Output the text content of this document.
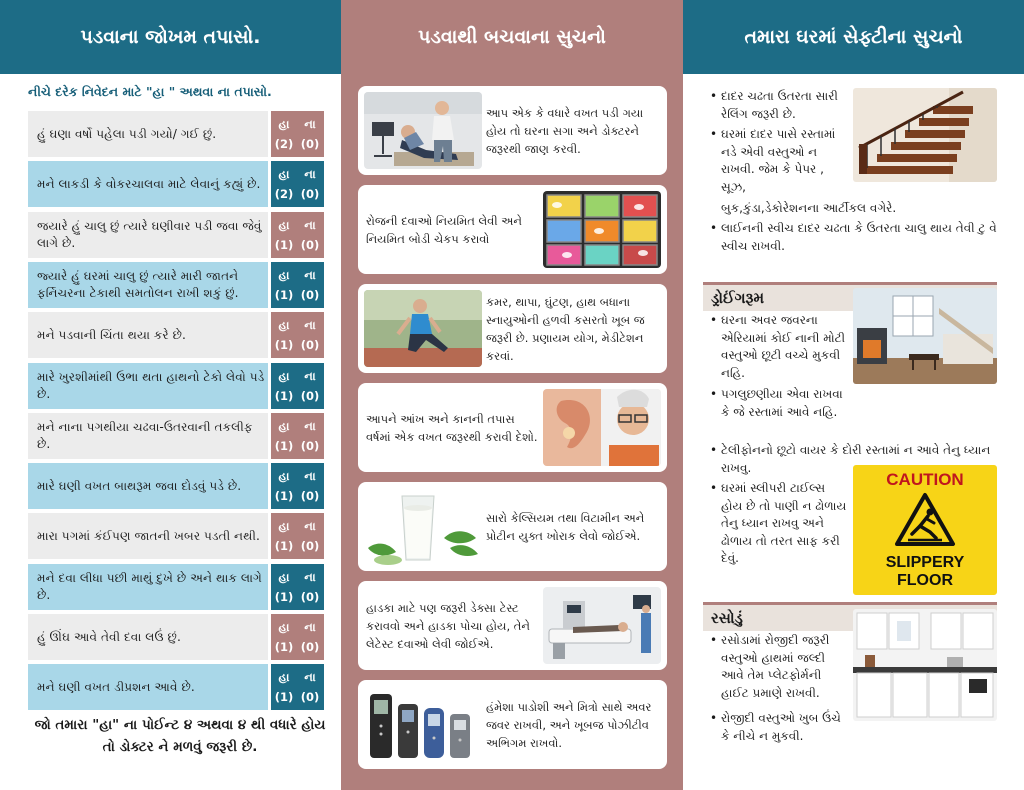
પડવાના જોખમ તપાસો.
નીચે દરેક નિવેદન માટે "હા " અથવા ના તપાસો.
હું ઘણા વર્ષો પહેલા પડી ગયો/ ગઈ છું.
હા	ના
(2) (0)
મને લાકડી કે વોકરચાલવા માટે લેવાનું કહ્યું છે.
હા	ના
(2) (0)
જયારે હું ચાલુ છું ત્યારે ઘણીવાર પડી જવા જેવું લાગે છે.
હા	ના
(1) (0)
જ્યારે હું ઘરમાં ચાલુ છું ત્યારે મારી જાતને ફર્નિચરના ટેકાથી સમતોલન રાખી શકું છું.
હા	ના
(1) (0)
મને પડવાની ચિંતા થયા કરે છે.
હા	ના
(1) (0)
મારે ખુરશીમાંથી ઉભા થતા હાથનો ટેકો લેવો પડે છે.
હા	ના
(1) (0)
મને નાના પગથીયા ચઢવા-ઉતરવાની તકલીફ છે.
હા	ના
(1) (0)
મારે ઘણી વખત બાથરૂમ જવા દોડવું પડે છે.
હા	ના
(1) (0)
મારા પગમાં કંઈપણ જાતની ખબર પડતી નથી.
હા	ના
(1) (0)
મને દવા લીધા પછી માથું દુખે છે અને થાક લાગે છે.
હા	ના
(1) (0)
હું ઊંઘ આવે તેવી દવા લઉં છું.
હા	ના
(1) (0)
મને ઘણી વખત ડીપ્રશન આવે છે.
હા	ના
(1) (0)
જો તમારા "હા" ના પોઈન્ટ ૪ અથવા ૪ થી વધારે હોય તો ડોક્ટર ને મળવું જરૂરી છે.
પડવાથી બચવાના સુચનો
આપ એક કે વધારે વખત પડી ગયા હોય તો ઘરના સગા અને ડોક્ટરને જરૂરથી જાણ કરવી.
રોજની દવાઓ નિયમિત લેવી અને નિયમિત બોડી ચેકપ કરાવો
કમર, થાપા, ઘુંટણ, હાથ બધાના સ્નાયુઓની હળવી કસરતો ખૂબ જ જરૂરી છે. પ્રણાયમ યોગ, મેડીટેશન કરવાં.
આપને આંખ અને કાનની તપાસ વર્ષમાં એક વખત જરૂરથી કરાવી દેશો.
સારો કેલ્સિયમ તથા વિટામીન અને પ્રોટીન યુક્ત ખોરાક લેવો જોઈએ.
હાડકા માટે પણ જરૂરી ડેક્સા ટેસ્ટ કરાવવો અને હાડકા પોચા હોય, તેને લેટેસ્ટ દવાઓ લેવી જોઈએ.
હંમેશા પાડોશી અને મિત્રો સાથે અવર જવર રાખવી, અને ખૂબજ પોઝીટીવ અભિગમ રાખવો.
તમારા ઘરમાં સેફ્ટીના સુચનો
• દાદર ચઢતા ઉતરતા સારી રેલિંગ જરૂરી છે.
• ઘરમાં દાદર પાસે રસ્તામાં નડે એવી વસ્તુઓ ન રાખવી. જેમ કે પેપર , સૂઝ,
બુક,કુંડા,ડેકોરેશનના આર્ટીકલ વગેરે.
• લાઈનની સ્વીચ દાદર ચઢતા કે ઉતરતા ચાલુ થાય તેવી ટુ વે સ્વીચ રાખવી.
ડ્રોઈંગરૂમ
• ઘરના અવર જવરના એરિયામાં કોઈ નાની મોટી વસ્તુઓ છૂટી વચ્ચે મુકવી નહિ.
• પગલુછણીયા એવા રાખવા કે જે રસ્તામાં આવે નહિ.
• ટેલીફોનનો છૂટો વાયર કે દોરી રસ્તામાં ન આવે તેનુ ધ્યાન રાખવુ.
• ઘરમાં સ્લીપરી ટાઈલ્સ હોય છે તો પાણી ન ઢોળાય તેનુ ધ્યાન રાખવુ અને ઢોળાય તો તરત સાફ કરી દેવું.
CAUTION
SLIPPERY
FLOOR
રસોડું
• રસોડામાં રોજીદી જરૂરી વસ્તુઓ હાથમાં જલ્દી આવે તેમ પ્લેટફોર્મની હાઈટ પ્રમાણે રાખવી.
• રોજીદી વસ્તુઓ ખુબ ઉંચે કે નીચે ન મુકવી.
